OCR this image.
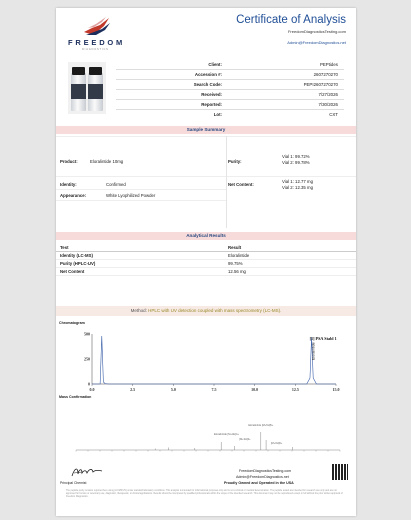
FREEDOM
DIAGNOSTICS
Certificate of Analysis
FreedomDiagnosticsTesting.com
Admin@FreedomDiagnostics.net
Client:	PEPtides
Accession #:	2607270270
Search Code:	PEPI2607270270
Received:	7/27/2026
Reported:	7/30/2026
Lot:	CXT
Sample Summary
Product:	Eloralintide 10mg	Purity:
Vial 1: 99.72%
Vial 2: 99.78%
Identity:	Confirmed	Net Content:
Vial 1: 12.77 mg
Vial 2: 12.35 mg
Appearance:	White Lyophilized Powder
Analytical Results
Test	Result
Identity (LC-MS)	Eloralintide
Purity (HPLC-UV)	99.75%
Net Content	12.56 mg
Method: HPLC with UV detection coupled with mass spectrometry (LC-MS).
Chromatogram
0.0	2.5	5.0	7.5	10.0	12.5	15.0
500
250
0
[1] PSA Stabl 1
Eloralintide
Mass Confirmation
Eloralintide [M+5H]5+
Eloralintide [M+4H]4+
[M+3H]3+
[M+6H]6+
Principal Chemist
FreedomDiagnosticsTesting.com
Admin@FreedomDiagnostics.net
Proudly Owned and Operated in the USA
The peptide purity remains reported here using (LC/MS/UV) under standard laboratory conditions. This analysis is intended for informational purposes only and is not a clinical or medical determination. The peptide tested are intended for research use only and are not approved for human or veterinary use, diagnostic, therapeutic, or clinical applications. Results should be interpreted by qualified professionals within the scope of the intended research. This document may not be reproduced except in full without the prior written approval of Freedom Diagnostics.
